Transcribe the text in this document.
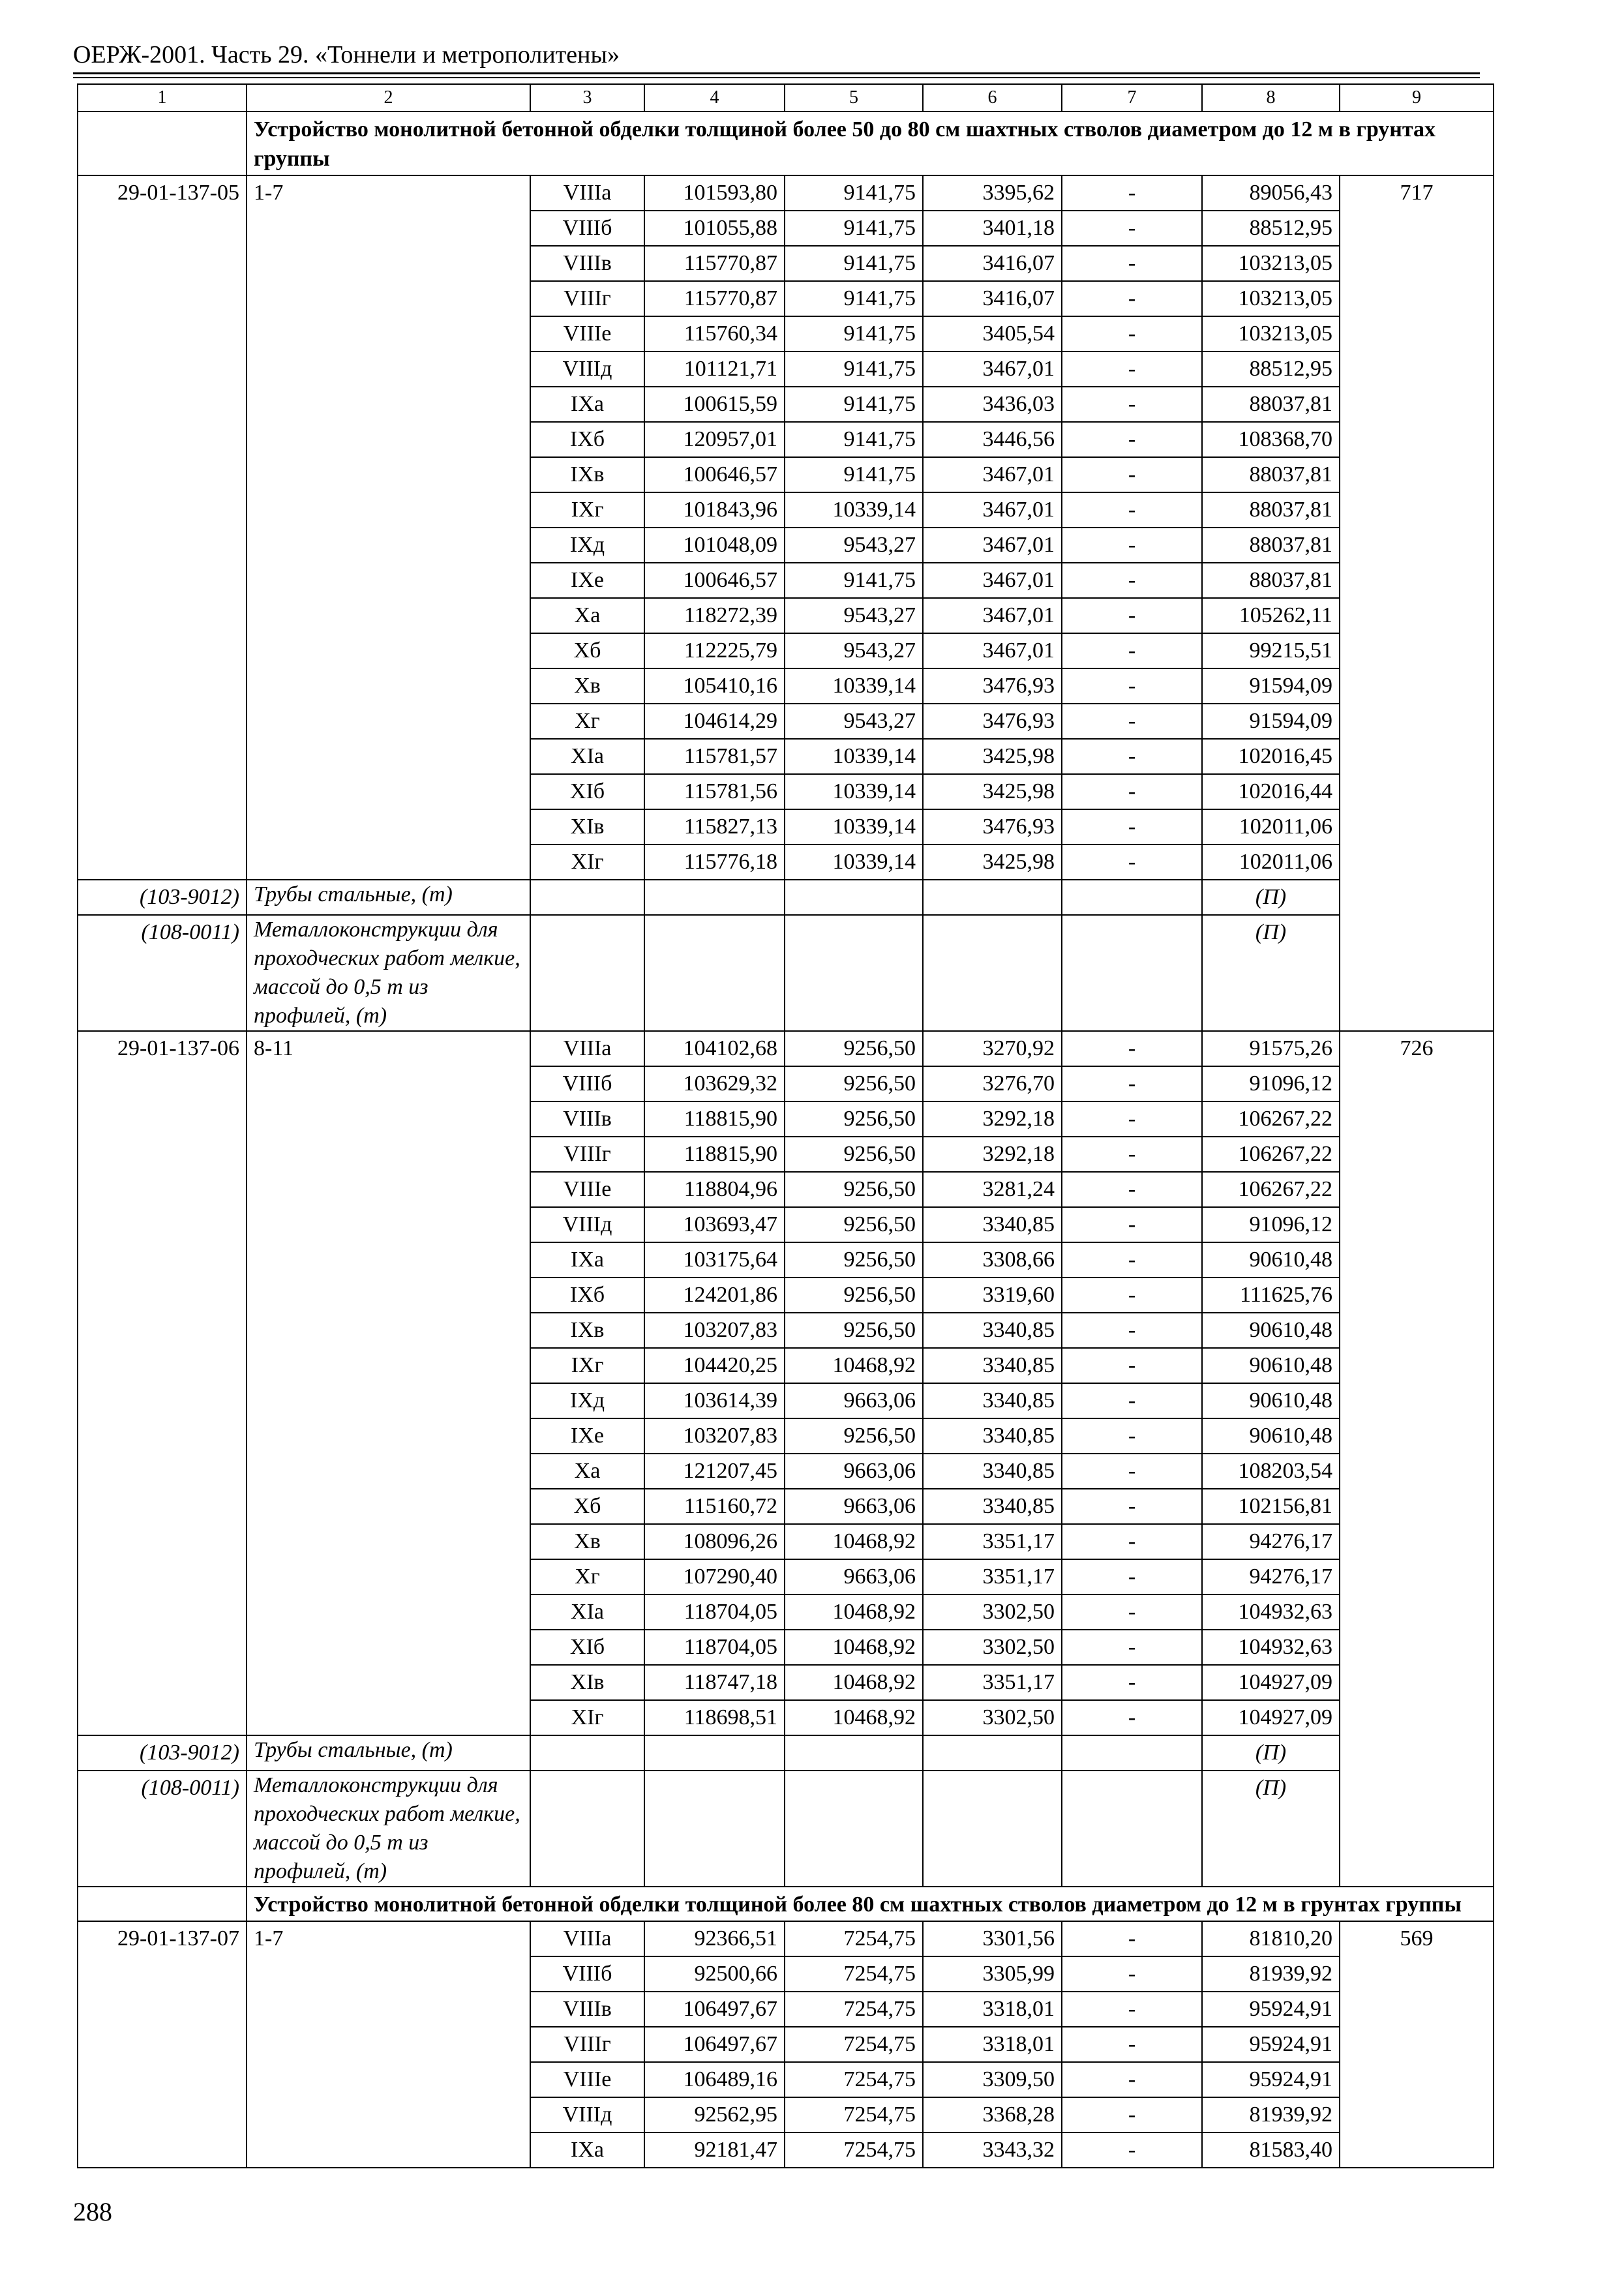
ОЕРЖ-2001. Часть 29. «Тоннели и метрополитены»
1	2	3	4	5	6	7	8	9
	Устройство монолитной бетонной обделки толщиной более 50 до 80 см шахтных стволов диаметром до 12 м в грунтах группы							
29-01-137-05	1-7	VIIIа	101593,80	9141,75	3395,62	-	89056,43	717
		VIIIб	101055,88	9141,75	3401,18	-	88512,95	
		VIIIв	115770,87	9141,75	3416,07	-	103213,05	
		VIIIг	115770,87	9141,75	3416,07	-	103213,05	
		VIIIе	115760,34	9141,75	3405,54	-	103213,05	
		VIIIд	101121,71	9141,75	3467,01	-	88512,95	
		IXа	100615,59	9141,75	3436,03	-	88037,81	
		IXб	120957,01	9141,75	3446,56	-	108368,70	
		IXв	100646,57	9141,75	3467,01	-	88037,81	
		IXг	101843,96	10339,14	3467,01	-	88037,81	
		IXд	101048,09	9543,27	3467,01	-	88037,81	
		IXе	100646,57	9141,75	3467,01	-	88037,81	
		Xа	118272,39	9543,27	3467,01	-	105262,11	
		Xб	112225,79	9543,27	3467,01	-	99215,51	
		Xв	105410,16	10339,14	3476,93	-	91594,09	
		Xг	104614,29	9543,27	3476,93	-	91594,09	
		XIа	115781,57	10339,14	3425,98	-	102016,45	
		XIб	115781,56	10339,14	3425,98	-	102016,44	
		XIв	115827,13	10339,14	3476,93	-	102011,06	
		XIг	115776,18	10339,14	3425,98	-	102011,06	
(103-9012)	Трубы стальные, (т)						(П)	
(108-0011)	Металлоконструкции для проходческих работ мелкие, массой до 0,5 т из профилей, (т)						(П)	
29-01-137-06	8-11	VIIIа	104102,68	9256,50	3270,92	-	91575,26	726
		VIIIб	103629,32	9256,50	3276,70	-	91096,12	
		VIIIв	118815,90	9256,50	3292,18	-	106267,22	
		VIIIг	118815,90	9256,50	3292,18	-	106267,22	
		VIIIе	118804,96	9256,50	3281,24	-	106267,22	
		VIIIд	103693,47	9256,50	3340,85	-	91096,12	
		IXа	103175,64	9256,50	3308,66	-	90610,48	
		IXб	124201,86	9256,50	3319,60	-	111625,76	
		IXв	103207,83	9256,50	3340,85	-	90610,48	
		IXг	104420,25	10468,92	3340,85	-	90610,48	
		IXд	103614,39	9663,06	3340,85	-	90610,48	
		IXе	103207,83	9256,50	3340,85	-	90610,48	
		Xа	121207,45	9663,06	3340,85	-	108203,54	
		Xб	115160,72	9663,06	3340,85	-	102156,81	
		Xв	108096,26	10468,92	3351,17	-	94276,17	
		Xг	107290,40	9663,06	3351,17	-	94276,17	
		XIа	118704,05	10468,92	3302,50	-	104932,63	
		XIб	118704,05	10468,92	3302,50	-	104932,63	
		XIв	118747,18	10468,92	3351,17	-	104927,09	
		XIг	118698,51	10468,92	3302,50	-	104927,09	
(103-9012)	Трубы стальные, (т)						(П)	
(108-0011)	Металлоконструкции для проходческих работ мелкие, массой до 0,5 т из профилей, (т)						(П)	
	Устройство монолитной бетонной обделки толщиной более 80 см шахтных стволов диаметром до 12 м в грунтах группы							
29-01-137-07	1-7	VIIIа	92366,51	7254,75	3301,56	-	81810,20	569
		VIIIб	92500,66	7254,75	3305,99	-	81939,92	
		VIIIв	106497,67	7254,75	3318,01	-	95924,91	
		VIIIг	106497,67	7254,75	3318,01	-	95924,91	
		VIIIе	106489,16	7254,75	3309,50	-	95924,91	
		VIIIд	92562,95	7254,75	3368,28	-	81939,92	
		IXа	92181,47	7254,75	3343,32	-	81583,40	
288
